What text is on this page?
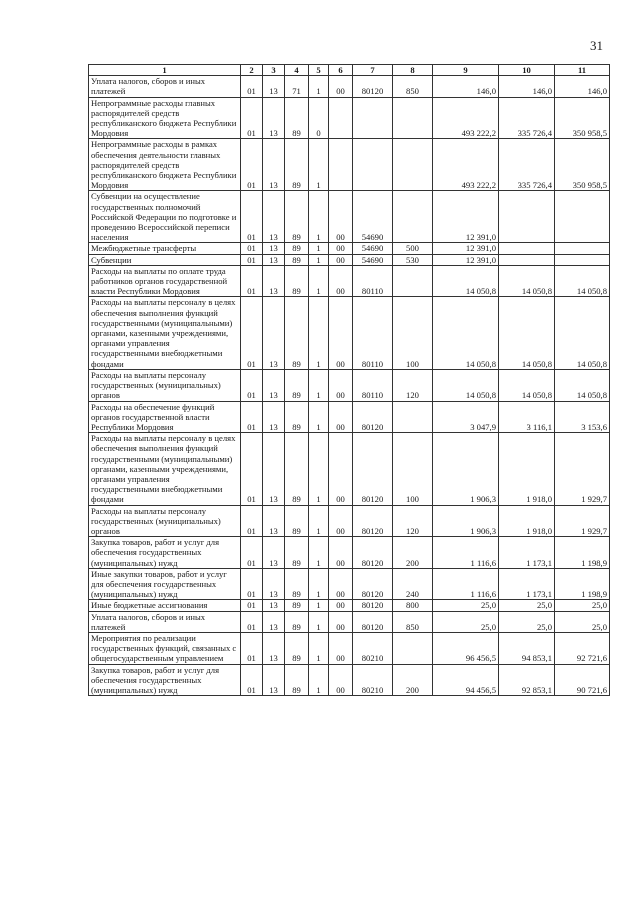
31
1	2	3	4	5	6	7	8	9	10	11
Уплата налогов, сборов и иных платежей	01	13	71	1	00	80120	850	146,0	146,0	146,0
Непрограммные расходы главных распорядителей средств республиканского бюджета Республики Мордовия	01	13	89	0				493 222,2	335 726,4	350 958,5
Непрограммные расходы в рамках обеспечения деятельности главных распорядителей средств республиканского бюджета Республики Мордовия	01	13	89	1				493 222,2	335 726,4	350 958,5
Субвенции на осуществление государственных полномочий Российской Федерации по подготовке и проведению Всероссийской переписи населения	01	13	89	1	00	54690		12 391,0		
Межбюджетные трансферты	01	13	89	1	00	54690	500	12 391,0		
Субвенции	01	13	89	1	00	54690	530	12 391,0		
Расходы на выплаты по оплате труда работников органов государственной власти Республики Мордовия	01	13	89	1	00	80110		14 050,8	14 050,8	14 050,8
Расходы на выплаты персоналу в целях обеспечения выполнения функций государственными (муниципальными) органами, казенными учреждениями, органами управления государственными внебюджетными фондами	01	13	89	1	00	80110	100	14 050,8	14 050,8	14 050,8
Расходы на выплаты персоналу государственных (муниципальных) органов	01	13	89	1	00	80110	120	14 050,8	14 050,8	14 050,8
Расходы на обеспечение функций органов государственной власти Республики Мордовия	01	13	89	1	00	80120		3 047,9	3 116,1	3 153,6
Расходы на выплаты персоналу в целях обеспечения выполнения функций государственными (муниципальными) органами, казенными учреждениями, органами управления государственными внебюджетными фондами	01	13	89	1	00	80120	100	1 906,3	1 918,0	1 929,7
Расходы на выплаты персоналу государственных (муниципальных) органов	01	13	89	1	00	80120	120	1 906,3	1 918,0	1 929,7
Закупка товаров, работ и услуг для обеспечения государственных (муниципальных) нужд	01	13	89	1	00	80120	200	1 116,6	1 173,1	1 198,9
Иные закупки товаров, работ и услуг для обеспечения государственных (муниципальных) нужд	01	13	89	1	00	80120	240	1 116,6	1 173,1	1 198,9
Иные бюджетные ассигнования	01	13	89	1	00	80120	800	25,0	25,0	25,0
Уплата налогов, сборов и иных платежей	01	13	89	1	00	80120	850	25,0	25,0	25,0
Мероприятия по реализации государственных функций, связанных с общегосударственным управлением	01	13	89	1	00	80210		96 456,5	94 853,1	92 721,6
Закупка товаров, работ и услуг для обеспечения государственных (муниципальных) нужд	01	13	89	1	00	80210	200	94 456,5	92 853,1	90 721,6
